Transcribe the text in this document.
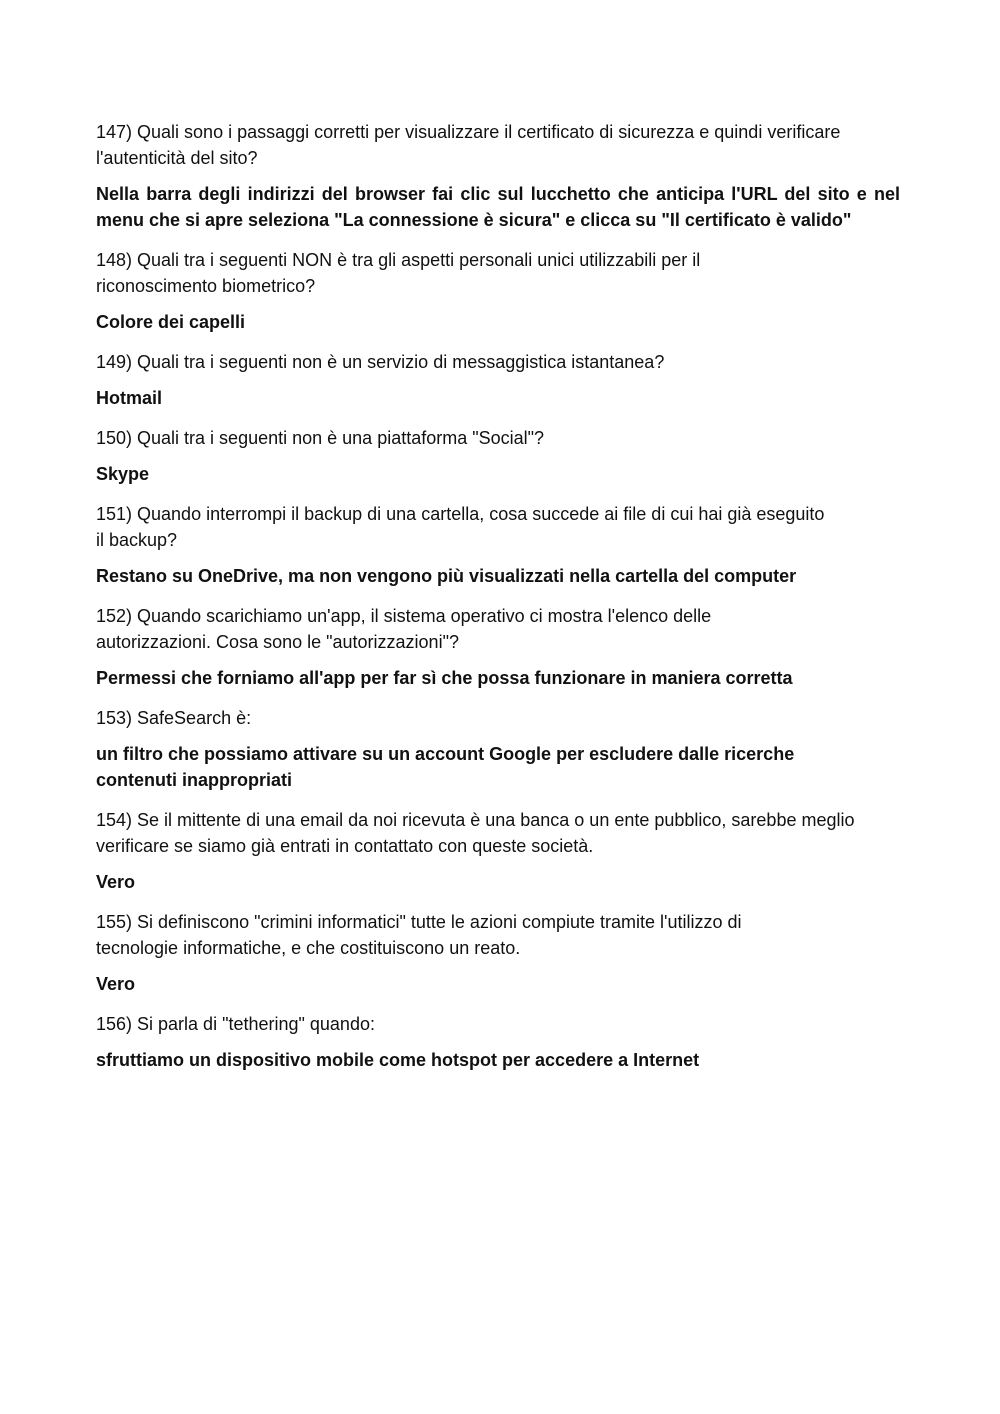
147) Quali sono i passaggi corretti per visualizzare il certificato di sicurezza e quindi verificare l'autenticità del sito?

Nella barra degli indirizzi del browser fai clic sul lucchetto che anticipa l'URL del sito e nel menu che si apre seleziona "La connessione è sicura" e clicca su "Il certificato è valido"

148) Quali tra i seguenti NON è tra gli aspetti personali unici utilizzabili per il riconoscimento biometrico?

Colore dei capelli

149) Quali tra i seguenti non è un servizio di messaggistica istantanea?

Hotmail

150) Quali tra i seguenti non è una piattaforma "Social"?

Skype

151) Quando interrompi il backup di una cartella, cosa succede ai file di cui hai già eseguito il backup?

Restano su OneDrive, ma non vengono più visualizzati nella cartella del computer

152) Quando scarichiamo un'app, il sistema operativo ci mostra l'elenco delle autorizzazioni. Cosa sono le "autorizzazioni"?

Permessi che forniamo all'app per far sì che possa funzionare in maniera corretta

153) SafeSearch è:

un filtro che possiamo attivare su un account Google per escludere dalle ricerche contenuti inappropriati

154) Se il mittente di una email da noi ricevuta è una banca o un ente pubblico, sarebbe meglio verificare se siamo già entrati in contattato con queste società.

Vero

155) Si definiscono "crimini informatici" tutte le azioni compiute tramite l'utilizzo di tecnologie informatiche, e che costituiscono un reato.

Vero

156) Si parla di "tethering" quando:

sfruttiamo un dispositivo mobile come hotspot per accedere a Internet
